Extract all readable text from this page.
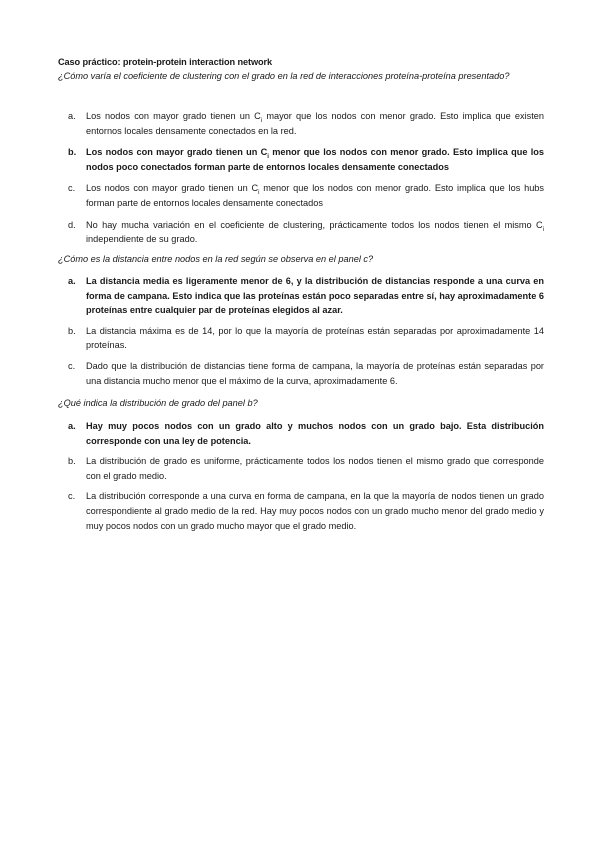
Caso práctico: protein-protein interaction network
¿Cómo varía el coeficiente de clustering con el grado en la red de interacciones proteína-proteína presentado?
a. Los nodos con mayor grado tienen un $C_i$ mayor que los nodos con menor grado. Esto implica que existen entornos locales densamente conectados en la red.
b. Los nodos con mayor grado tienen un $C_i$ menor que los nodos con menor grado. Esto implica que los nodos poco conectados forman parte de entornos locales densamente conectados
c. Los nodos con mayor grado tienen un $C_i$ menor que los nodos con menor grado. Esto implica que los hubs forman parte de entornos locales densamente conectados
d. No hay mucha variación en el coeficiente de clustering, prácticamente todos los nodos tienen el mismo $C_i$ independiente de su grado.
¿Cómo es la distancia entre nodos en la red según se observa en el panel c?
a. La distancia media es ligeramente menor de 6, y la distribución de distancias responde a una curva en forma de campana. Esto indica que las proteínas están poco separadas entre sí, hay aproximadamente 6 proteínas entre cualquier par de proteínas elegidos al azar.
b. La distancia máxima es de 14, por lo que la mayoría de proteínas están separadas por aproximadamente 14 proteínas.
c. Dado que la distribución de distancias tiene forma de campana, la mayoría de proteínas están separadas por una distancia mucho menor que el máximo de la curva, aproximadamente 6.
¿Qué indica la distribución de grado del panel b?
a. Hay muy pocos nodos con un grado alto y muchos nodos con un grado bajo. Esta distribución corresponde con una ley de potencia.
b. La distribución de grado es uniforme, prácticamente todos los nodos tienen el mismo grado que corresponde con el grado medio.
c. La distribución corresponde a una curva en forma de campana, en la que la mayoría de nodos tienen un grado correspondiente al grado medio de la red. Hay muy pocos nodos con un grado mucho menor del grado medio y muy pocos nodos con un grado mucho mayor que el grado medio.
